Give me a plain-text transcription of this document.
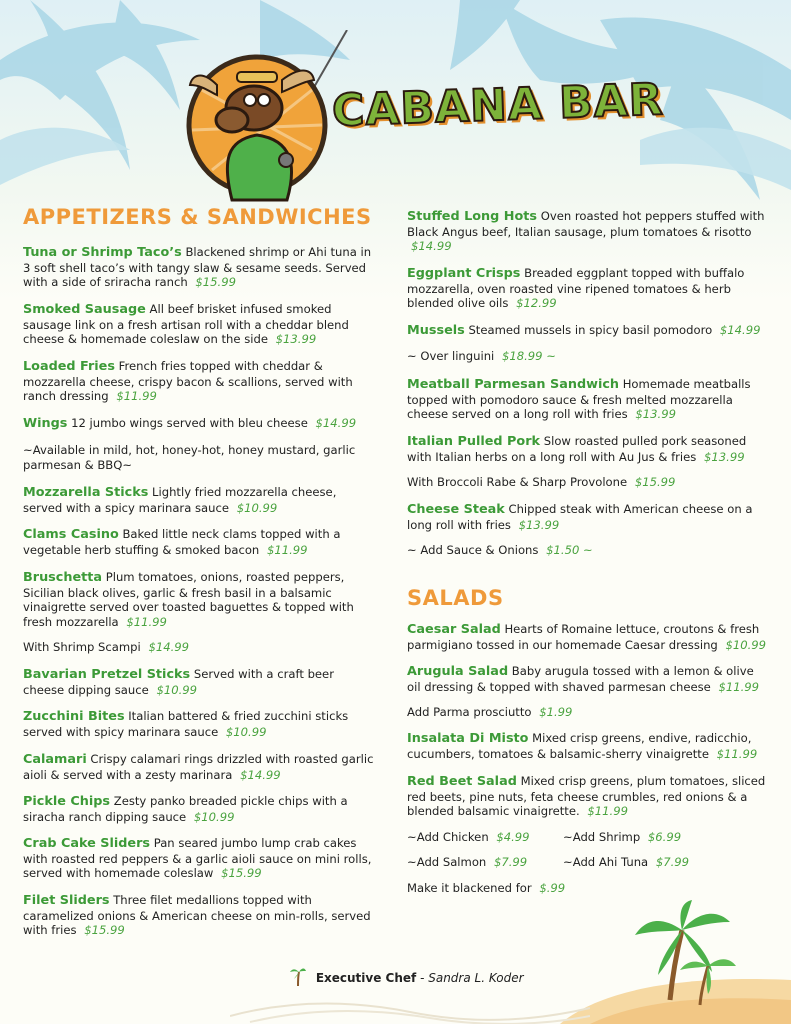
CABANA BAR
APPETIZERS & SANDWICHES
Tuna or Shrimp Taco’s Blackened shrimp or Ahi tuna in 3 soft shell taco’s with tangy slaw & sesame seeds. Served with a side of sriracha ranch $15.99
Smoked Sausage All beef brisket infused smoked sausage link on a fresh artisan roll with a cheddar blend cheese & homemade coleslaw on the side $13.99
Loaded Fries French fries topped with cheddar & mozzarella cheese, crispy bacon & scallions, served with ranch dressing $11.99
Wings 12 jumbo wings served with bleu cheese $14.99
~Available in mild, hot, honey-hot, honey mustard, garlic parmesan & BBQ~
Mozzarella Sticks Lightly fried mozzarella cheese, served with a spicy marinara sauce $10.99
Clams Casino Baked little neck clams topped with a vegetable herb stuffing & smoked bacon $11.99
Bruschetta Plum tomatoes, onions, roasted peppers, Sicilian black olives, garlic & fresh basil in a balsamic vinaigrette served over toasted baguettes & topped with fresh mozzarella $11.99
With Shrimp Scampi $14.99
Bavarian Pretzel Sticks Served with a craft beer cheese dipping sauce $10.99
Zucchini Bites Italian battered & fried zucchini sticks served with spicy marinara sauce $10.99
Calamari Crispy calamari rings drizzled with roasted garlic aioli & served with a zesty marinara $14.99
Pickle Chips Zesty panko breaded pickle chips with a siracha ranch dipping sauce $10.99
Crab Cake Sliders Pan seared jumbo lump crab cakes with roasted red peppers & a garlic aioli sauce on mini rolls, served with homemade coleslaw $15.99
Filet Sliders Three filet medallions topped with caramelized onions & American cheese on min-rolls, served with fries $15.99
Stuffed Long Hots Oven roasted hot peppers stuffed with Black Angus beef, Italian sausage, plum tomatoes & risotto $14.99
Eggplant Crisps Breaded eggplant topped with buffalo mozzarella, oven roasted vine ripened tomatoes & herb blended olive oils $12.99
Mussels Steamed mussels in spicy basil pomodoro $14.99
~ Over linguini $18.99 ~
Meatball Parmesan Sandwich Homemade meatballs topped with pomodoro sauce & fresh melted mozzarella cheese served on a long roll with fries $13.99
Italian Pulled Pork Slow roasted pulled pork seasoned with Italian herbs on a long roll with Au Jus & fries $13.99
With Broccoli Rabe & Sharp Provolone $15.99
Cheese Steak Chipped steak with American cheese on a long roll with fries $13.99
~ Add Sauce & Onions $1.50 ~
SALADS
Caesar Salad Hearts of Romaine lettuce, croutons & fresh parmigiano tossed in our homemade Caesar dressing $10.99
Arugula Salad Baby arugula tossed with a lemon & olive oil dressing & topped with shaved parmesan cheese $11.99
Add Parma prosciutto $1.99
Insalata Di Misto Mixed crisp greens, endive, radicchio, cucumbers, tomatoes & balsamic-sherry vinaigrette $11.99
Red Beet Salad Mixed crisp greens, plum tomatoes, sliced red beets, pine nuts, feta cheese crumbles, red onions & a blended balsamic vinaigrette. $11.99
~Add Chicken $4.99	~Add Shrimp $6.99
~Add Salmon $7.99	~Add Ahi Tuna $7.99
Make it blackened for $.99
Executive Chef - Sandra L. Koder
